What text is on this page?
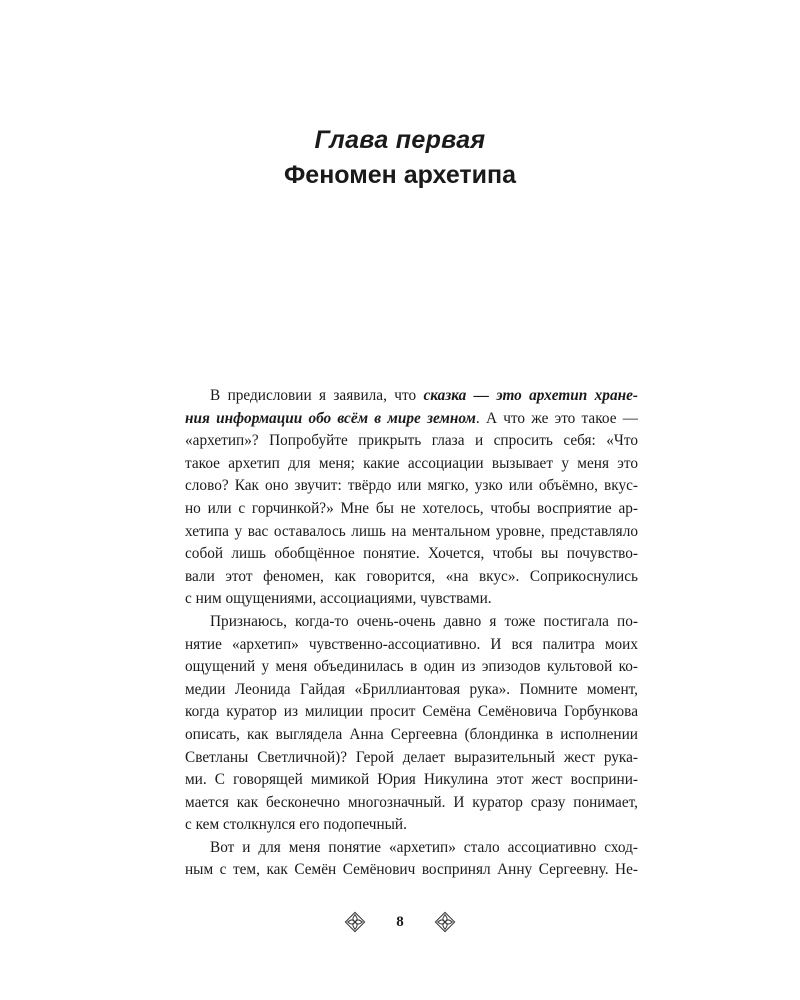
Глава первая
Феномен архетипа
В предисловии я заявила, что сказка — это архетип хране-
ния информации обо всём в мире земном. А что же это такое —
«архетип»? Попробуйте прикрыть глаза и спросить себя: «Что
такое архетип для меня; какие ассоциации вызывает у меня это
слово? Как оно звучит: твёрдо или мягко, узко или объёмно, вкус-
но или с горчинкой?» Мне бы не хотелось, чтобы восприятие ар-
хетипа у вас оставалось лишь на ментальном уровне, представляло
собой лишь обобщённое понятие. Хочется, чтобы вы почувство-
вали этот феномен, как говорится, «на вкус». Соприкоснулись
с ним ощущениями, ассоциациями, чувствами.
Признаюсь, когда-то очень-очень давно я тоже постигала по-
нятие «архетип» чувственно-ассоциативно. И вся палитра моих
ощущений у меня объединилась в один из эпизодов культовой ко-
медии Леонида Гайдая «Бриллиантовая рука». Помните момент,
когда куратор из милиции просит Семёна Семёновича Горбункова
описать, как выглядела Анна Сергеевна (блондинка в исполнении
Светланы Светличной)? Герой делает выразительный жест рука-
ми. С говорящей мимикой Юрия Никулина этот жест восприни-
мается как бесконечно многозначный. И куратор сразу понимает,
с кем столкнулся его подопечный.
Вот и для меня понятие «архетип» стало ассоциативно сход-
ным с тем, как Семён Семёнович воспринял Анну Сергеевну. Не-
8
